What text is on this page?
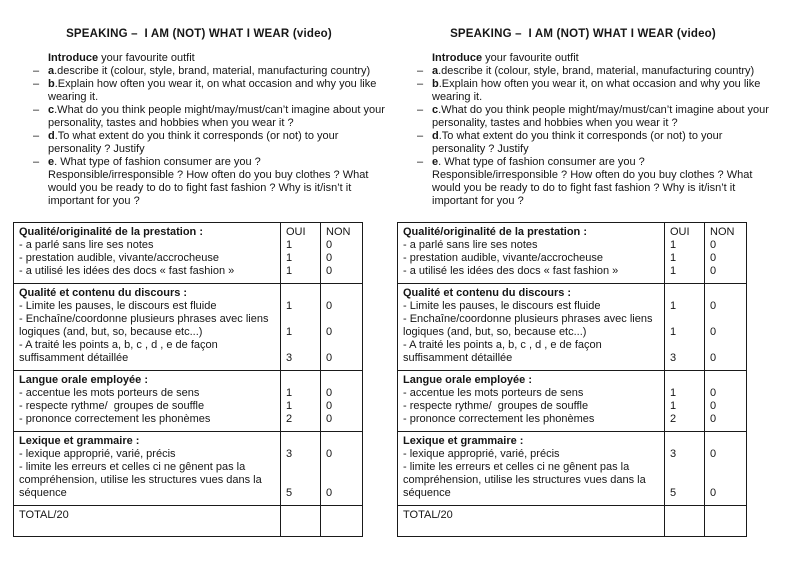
SPEAKING –  I AM (NOT) WHAT I WEAR (video)
Introduce your favourite outfit
– a.describe it (colour, style, brand, material, manufacturing country)
– b.Explain how often you wear it, on what occasion and why you like wearing it.
– c.What do you think people might/may/must/can’t imagine about your personality, tastes and hobbies when you wear it ?
– d.To what extent do you think it corresponds (or not) to your personality ? Justify
– e. What type of fashion consumer are you ? Responsible/irresponsible ? How often do you buy clothes ? What would you be ready to do to fight fast fashion ? Why is it/isn’t it important for you ?
Qualité/originalité de la prestation :
- a parlé sans lire ses notes
- prestation audible, vivante/accrocheuse
- a utilisé les idées des docs « fast fashion »
OUI
1
1
1
NON
0
0
0
Qualité et contenu du discours :
- Limite les pauses, le discours est fluide
- Enchaîne/coordonne plusieurs phrases avec liens
logiques (and, but, so, because etc...)
- A traité les points a, b, c , d , e de façon
suffisamment détaillée
1
1
3
0
0
0
Langue orale employée :
- accentue les mots porteurs de sens
- respecte rythme/  groupes de souffle
- prononce correctement les phonèmes
1
1
2
0
0
0
Lexique et grammaire :
- lexique approprié, varié, précis
- limite les erreurs et celles ci ne gênent pas la
compréhension, utilise les structures vues dans la
séquence
3
5
0
0
TOTAL/20
SPEAKING –  I AM (NOT) WHAT I WEAR (video)
Introduce your favourite outfit
– a.describe it (colour, style, brand, material, manufacturing country)
– b.Explain how often you wear it, on what occasion and why you like wearing it.
– c.What do you think people might/may/must/can’t imagine about your personality, tastes and hobbies when you wear it ?
– d.To what extent do you think it corresponds (or not) to your personality ? Justify
– e. What type of fashion consumer are you ? Responsible/irresponsible ? How often do you buy clothes ? What would you be ready to do to fight fast fashion ? Why is it/isn’t it important for you ?
Qualité/originalité de la prestation :
- a parlé sans lire ses notes
- prestation audible, vivante/accrocheuse
- a utilisé les idées des docs « fast fashion »
OUI
1
1
1
NON
0
0
0
Qualité et contenu du discours :
- Limite les pauses, le discours est fluide
- Enchaîne/coordonne plusieurs phrases avec liens
logiques (and, but, so, because etc...)
- A traité les points a, b, c , d , e de façon
suffisamment détaillée
1
1
3
0
0
0
Langue orale employée :
- accentue les mots porteurs de sens
- respecte rythme/  groupes de souffle
- prononce correctement les phonèmes
1
1
2
0
0
0
Lexique et grammaire :
- lexique approprié, varié, précis
- limite les erreurs et celles ci ne gênent pas la
compréhension, utilise les structures vues dans la
séquence
3
5
0
0
TOTAL/20
